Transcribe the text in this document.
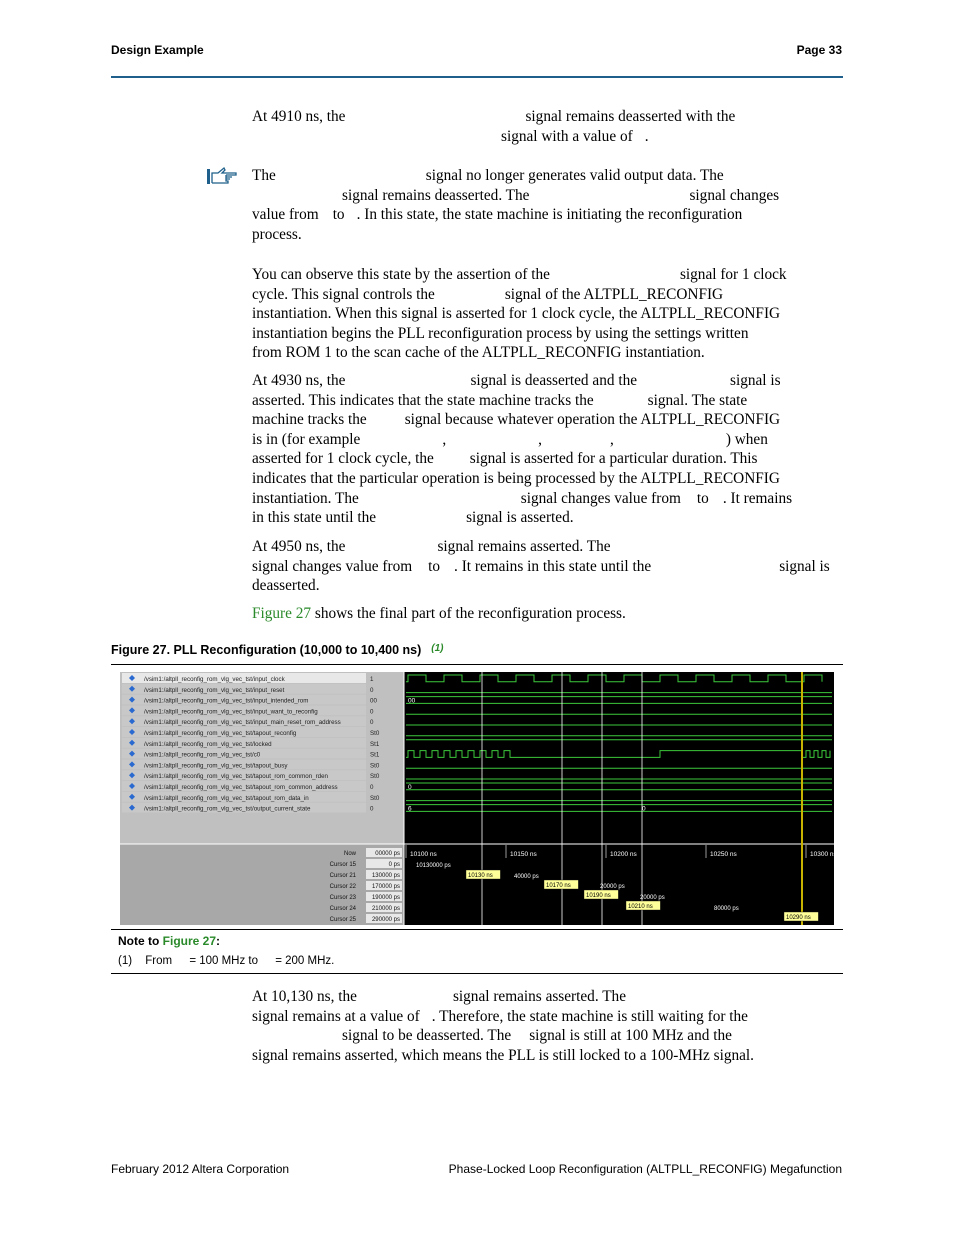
Design Example	Page 33
At 4910 ns, the	signal remains deasserted with the
signal with a value of .
The	signal no longer generates valid output data. The
signal remains deasserted. The	signal changes
value from to . In this state, the state machine is initiating the reconfiguration
process.
You can observe this state by the assertion of the	signal for 1 clock
cycle. This signal controls the	signal of the ALTPLL_RECONFIG
instantiation. When this signal is asserted for 1 clock cycle, the ALTPLL_RECONFIG
instantiation begins the PLL reconfiguration process by using the settings written
from ROM 1 to the scan cache of the ALTPLL_RECONFIG instantiation.
At 4930 ns, the	signal is deasserted and the	signal is
asserted. This indicates that the state machine tracks the	signal. The state
machine tracks the signal because whatever operation the ALTPLL_RECONFIG
is in (for example	,	,	,	) when
asserted for 1 clock cycle, the signal is asserted for a particular duration. This
indicates that the particular operation is being processed by the ALTPLL_RECONFIG
instantiation. The	signal changes value from to . It remains
in this state until the	signal is asserted.
At 4950 ns, the	signal remains asserted. The
signal changes value from to . It remains in this state until the	signal is
deasserted.
Figure 27 shows the final part of the reconfiguration process.
Figure 27. PLL Reconfiguration (10,000 to 10,400 ns) $^{(1)}$
/vsim1:/altpll_reconfig_rom_vlg_vec_tst/input_clock	1
/vsim1:/altpll_reconfig_rom_vlg_vec_tst/input_reset	0
/vsim1:/altpll_reconfig_rom_vlg_vec_tst/input_intended_rom	00
/vsim1:/altpll_reconfig_rom_vlg_vec_tst/input_want_to_reconfig	0
/vsim1:/altpll_reconfig_rom_vlg_vec_tst/input_main_reset_rom_address	0
/vsim1:/altpll_reconfig_rom_vlg_vec_tst/tapout_reconfig	St0
/vsim1:/altpll_reconfig_rom_vlg_vec_tst/locked	St1
/vsim1:/altpll_reconfig_rom_vlg_vec_tst/c0	St1
/vsim1:/altpll_reconfig_rom_vlg_vec_tst/tapout_busy	St0
/vsim1:/altpll_reconfig_rom_vlg_vec_tst/tapout_rom_common_rden	St0
/vsim1:/altpll_reconfig_rom_vlg_vec_tst/tapout_rom_common_address	0
/vsim1:/altpll_reconfig_rom_vlg_vec_tst/tapout_rom_data_in	St0
/vsim1:/altpll_reconfig_rom_vlg_vec_tst/output_current_state	0
00
0
6	0
Now	00000 ps
Cursor 15	0 ps
Cursor 21	130000 ps
Cursor 22	170000 ps
Cursor 23	190000 ps
Cursor 24	210000 ps
Cursor 25	290000 ps
10100 ns	10150 ns	10200 ns	10250 ns	10300 ns
10130000 ps
10130 ns	40000 ps
10170 ns	20000 ps
10190 ns	20000 ps
10210 ns	80000 ps
10290 ns
Note to Figure 27:
(1) From = 100 MHz to = 200 MHz.
At 10,130 ns, the	signal remains asserted. The
signal remains at a value of . Therefore, the state machine is still waiting for the
signal to be deasserted. The signal is still at 100 MHz and the
signal remains asserted, which means the PLL is still locked to a 100-MHz signal.
February 2012 Altera Corporation	Phase-Locked Loop Reconfiguration (ALTPLL_RECONFIG) Megafunction
